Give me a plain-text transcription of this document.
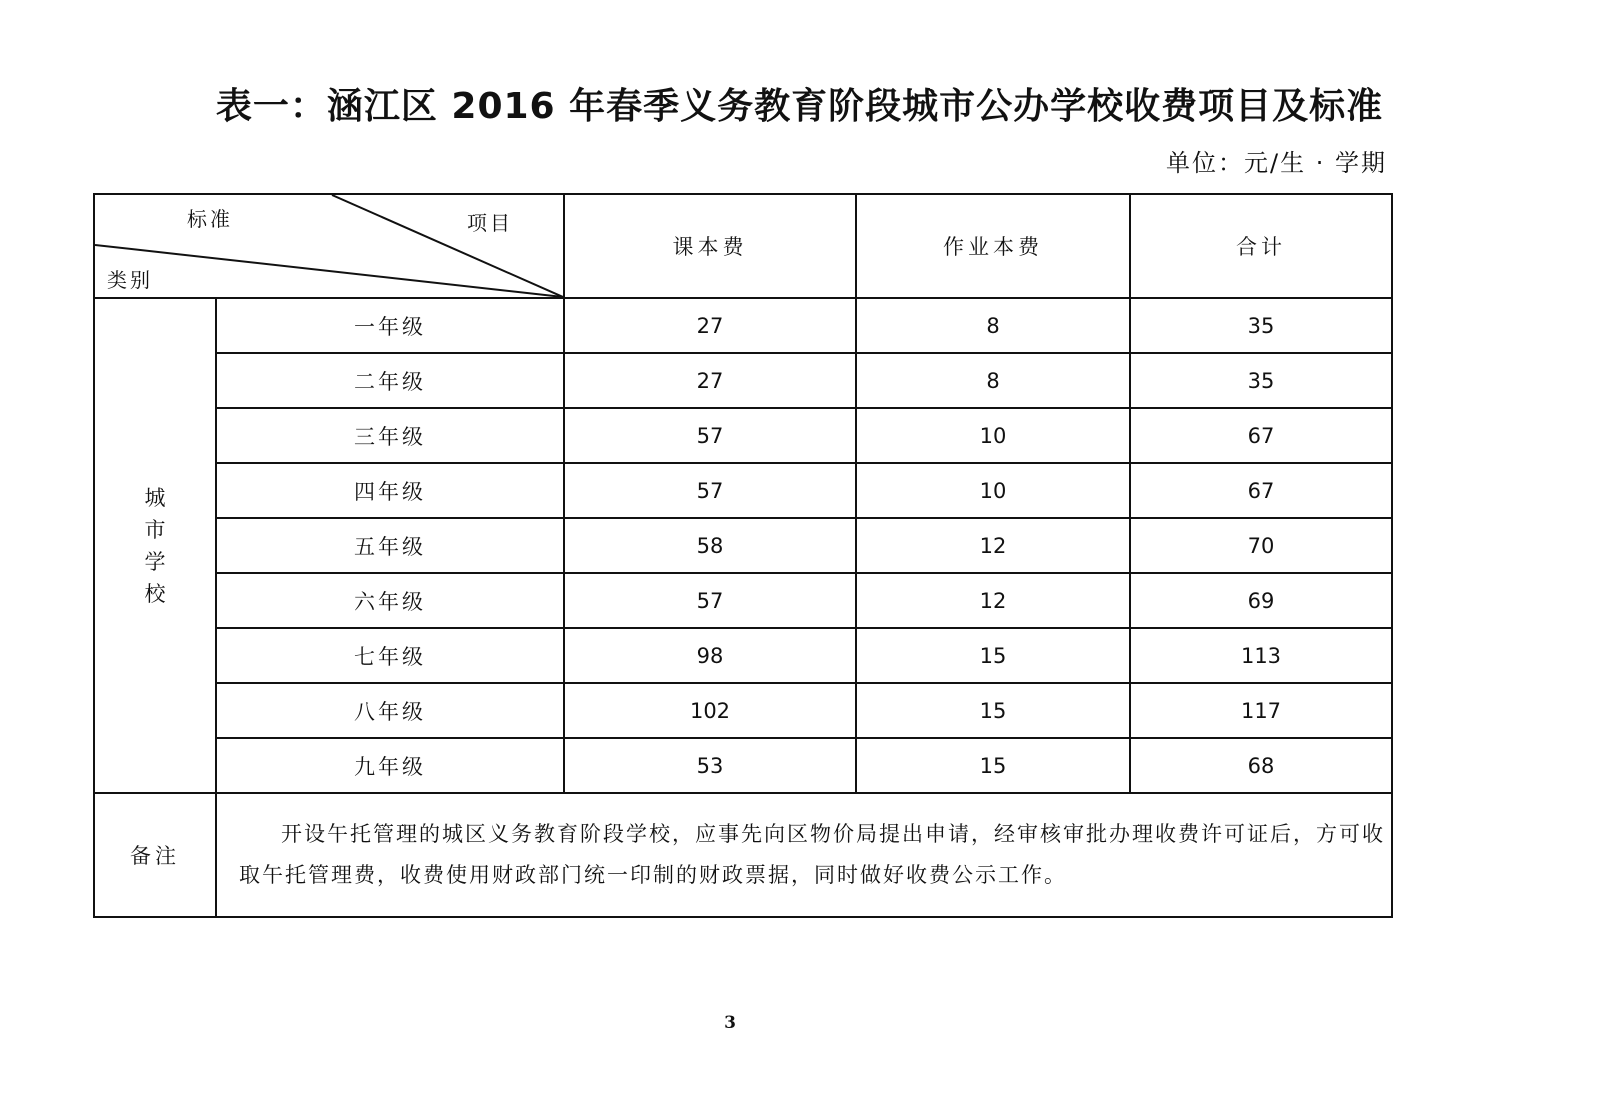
表一：涵江区 2016 年春季义务教育阶段城市公办学校收费项目及标准
单位：元/生 · 学期
标准 项目
类别		课本费	作业本费	合计

城
市
学
校	一年级	27	8	35
	二年级	27	8	35
	三年级	57	10	67
	四年级	57	10	67
	五年级	58	12	70
	六年级	57	12	69
	七年级	98	15	113
	八年级	102	15	117
	九年级	53	15	68
备注	开设午托管理的城区义务教育阶段学校，应事先向区物价局提出申请，经审核审批办理收费许可证后，方可收取午托管理费，收费使用财政部门统一印制的财政票据，同时做好收费公示工作。			
3
